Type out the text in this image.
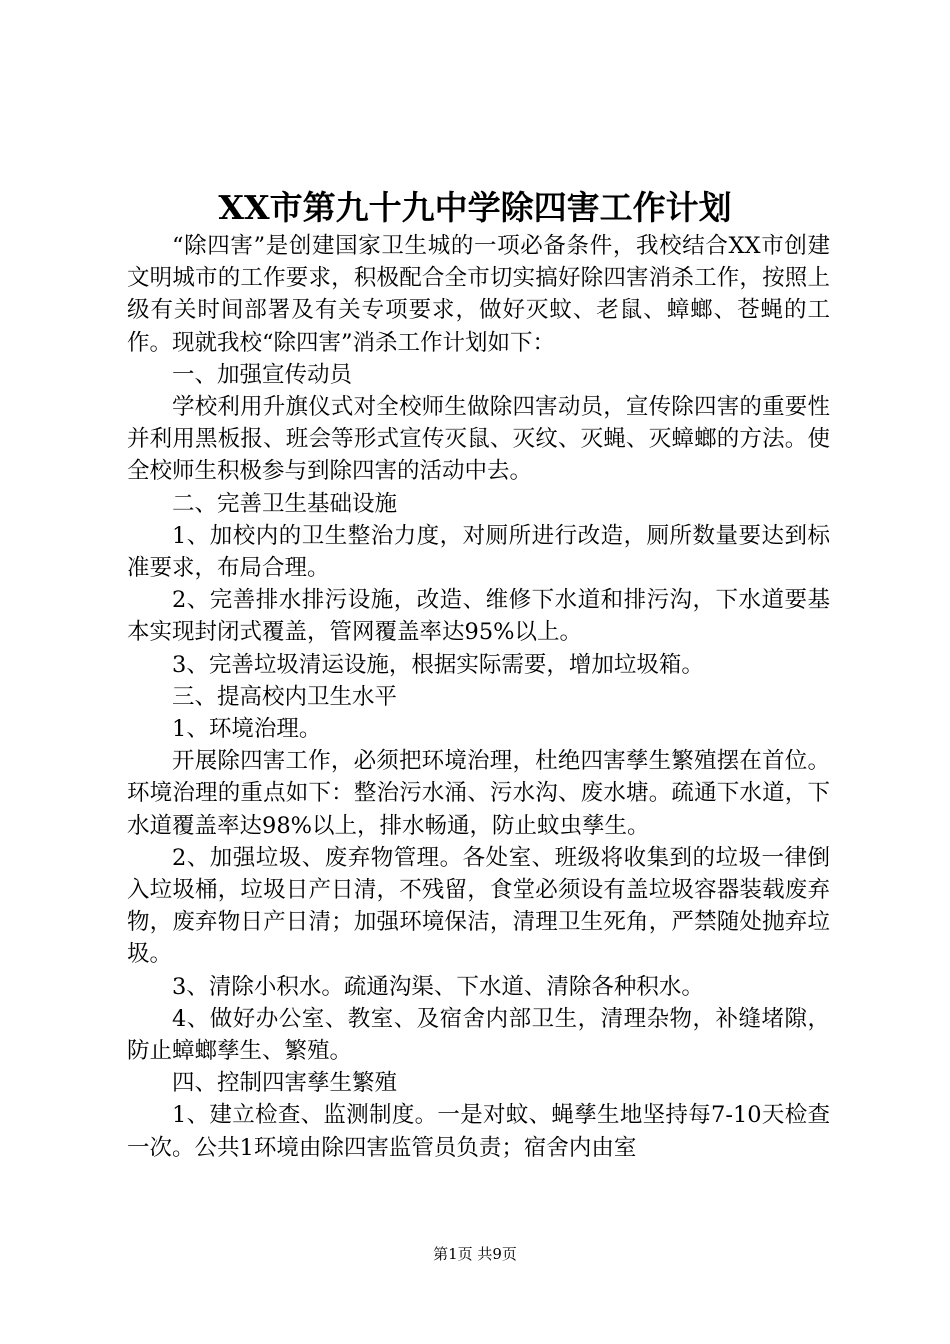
XX市第九十九中学除四害工作计划

“除四害”是创建国家卫生城的一项必备条件，我校结合XX市创建文明城市的工作要求，积极配合全市切实搞好除四害消杀工作，按照上级有关时间部署及有关专项要求，做好灭蚊、老鼠、蟑螂、苍蝇的工作。现就我校“除四害”消杀工作计划如下：

一、加强宣传动员

学校利用升旗仪式对全校师生做除四害动员，宣传除四害的重要性并利用黑板报、班会等形式宣传灭鼠、灭纹、灭蝇、灭蟑螂的方法。使全校师生积极参与到除四害的活动中去。

二、完善卫生基础设施

1、加校内的卫生整治力度，对厕所进行改造，厕所数量要达到标准要求，布局合理。

2、完善排水排污设施，改造、维修下水道和排污沟，下水道要基本实现封闭式覆盖，管网覆盖率达95%以上。

3、完善垃圾清运设施，根据实际需要，增加垃圾箱。

三、提高校内卫生水平

1、环境治理。

开展除四害工作，必须把环境治理，杜绝四害孳生繁殖摆在首位。环境治理的重点如下：整治污水涌、污水沟、废水塘。疏通下水道，下水道覆盖率达98%以上，排水畅通，防止蚊虫孳生。

2、加强垃圾、废弃物管理。各处室、班级将收集到的垃圾一律倒入垃圾桶，垃圾日产日清，不残留，食堂必须设有盖垃圾容器装载废弃物，废弃物日产日清；加强环境保洁，清理卫生死角，严禁随处抛弃垃圾。

3、清除小积水。疏通沟渠、下水道、清除各种积水。

4、做好办公室、教室、及宿舍内部卫生，清理杂物，补缝堵隙，防止蟑螂孳生、繁殖。

四、控制四害孳生繁殖

1、建立检查、监测制度。一是对蚊、蝇孳生地坚持每7-10天检查一次。公共1环境由除四害监管员负责；宿舍内由室

第1页 共9页
